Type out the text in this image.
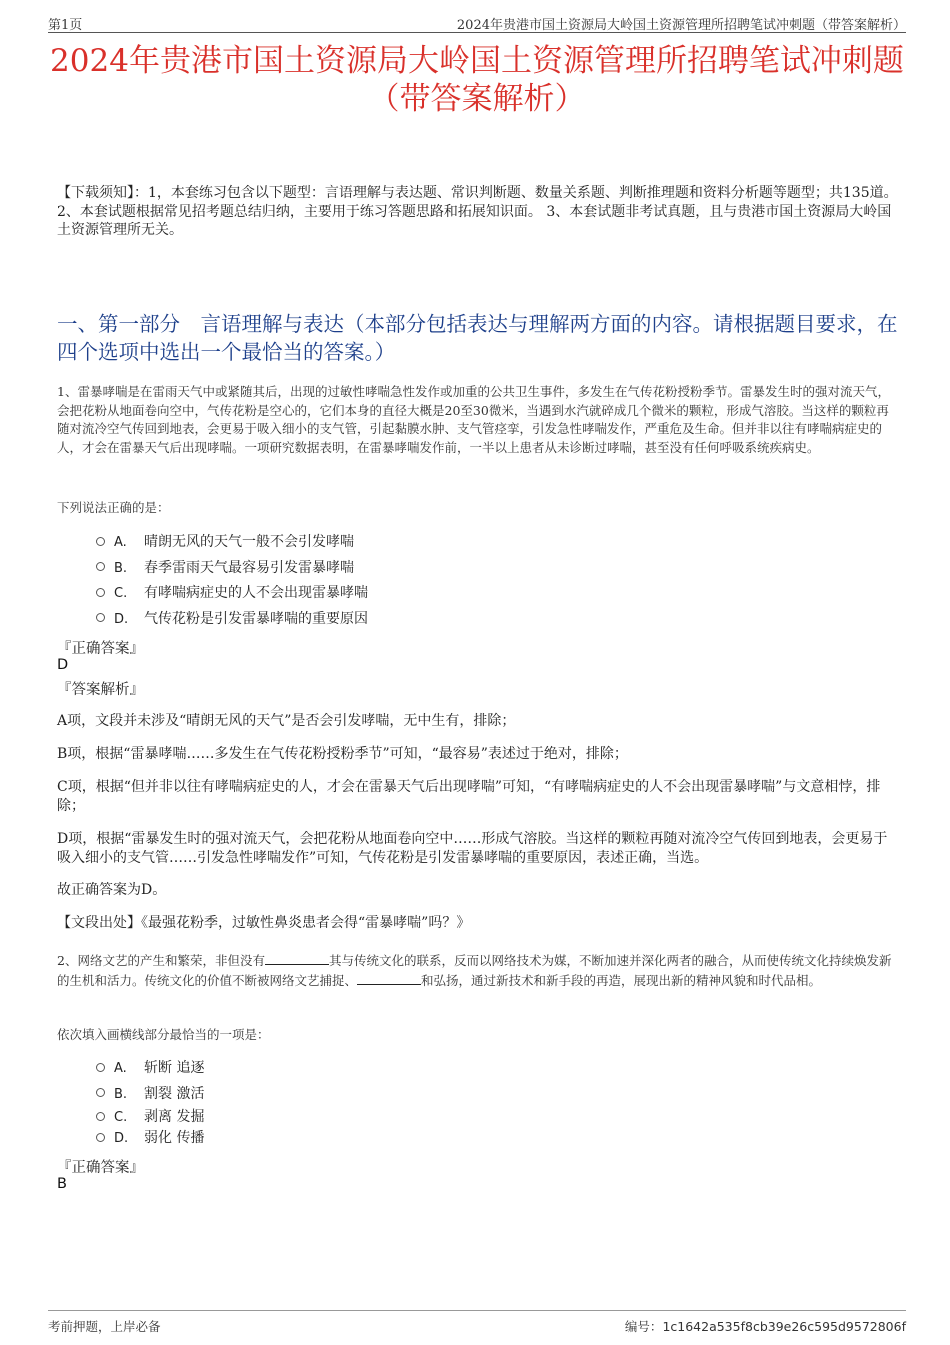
第1页	2024年贵港市国土资源局大岭国土资源管理所招聘笔试冲刺题（带答案解析）
2024年贵港市国土资源局大岭国土资源管理所招聘笔试冲刺题
（带答案解析）
【下载须知】：1，本套练习包含以下题型：言语理解与表达题、常识判断题、数量关系题、判断推理题和资料分析题等题型；共135道。 2、本套试题根据常见招考题总结归纳，主要用于练习答题思路和拓展知识面。 3、本套试题非考试真题，且与贵港市国土资源局大岭国土资源管理所无关。
一、第一部分　言语理解与表达（本部分包括表达与理解两方面的内容。请根据题目要求，在四个选项中选出一个最恰当的答案。）
1、雷暴哮喘是在雷雨天气中或紧随其后，出现的过敏性哮喘急性发作或加重的公共卫生事件，多发生在气传花粉授粉季节。雷暴发生时的强对流天气，会把花粉从地面卷向空中，气传花粉是空心的，它们本身的直径大概是20至30微米，当遇到水汽就碎成几个微米的颗粒，形成气溶胶。当这样的颗粒再随对流冷空气传回到地表，会更易于吸入细小的支气管，引起黏膜水肿、支气管痉挛，引发急性哮喘发作，严重危及生命。但并非以往有哮喘病症史的人，才会在雷暴天气后出现哮喘。一项研究数据表明，在雷暴哮喘发作前，一半以上患者从未诊断过哮喘，甚至没有任何呼吸系统疾病史。
下列说法正确的是：
A. 晴朗无风的天气一般不会引发哮喘
B. 春季雷雨天气最容易引发雷暴哮喘
C. 有哮喘病症史的人不会出现雷暴哮喘
D. 气传花粉是引发雷暴哮喘的重要原因
『正确答案』
D
『答案解析』
A项，文段并未涉及“晴朗无风的天气”是否会引发哮喘，无中生有，排除；
B项，根据“雷暴哮喘……多发生在气传花粉授粉季节”可知，“最容易”表述过于绝对，排除；
C项，根据“但并非以往有哮喘病症史的人，才会在雷暴天气后出现哮喘”可知，“有哮喘病症史的人不会出现雷暴哮喘”与文意相悖，排除；
D项，根据“雷暴发生时的强对流天气，会把花粉从地面卷向空中……形成气溶胶。当这样的颗粒再随对流冷空气传回到地表，会更易于吸入细小的支气管……引发急性哮喘发作”可知，气传花粉是引发雷暴哮喘的重要原因，表述正确，当选。
故正确答案为D。
【文段出处】《最强花粉季，过敏性鼻炎患者会得“雷暴哮喘”吗？》
2、网络文艺的产生和繁荣，非但没有	其与传统文化的联系，反而以网络技术为媒，不断加速并深化两者的融合，从而使传统文化持续焕发新的生机和活力。传统文化的价值不断被网络文艺捕捉、	和弘扬，通过新技术和新手段的再造，展现出新的精神风貌和时代品相。
依次填入画横线部分最恰当的一项是：
A. 斩断 追逐
B. 割裂 激活
C. 剥离 发掘
D. 弱化 传播
『正确答案』
B
考前押题，上岸必备	编号：1c1642a535f8cb39e26c595d9572806f
